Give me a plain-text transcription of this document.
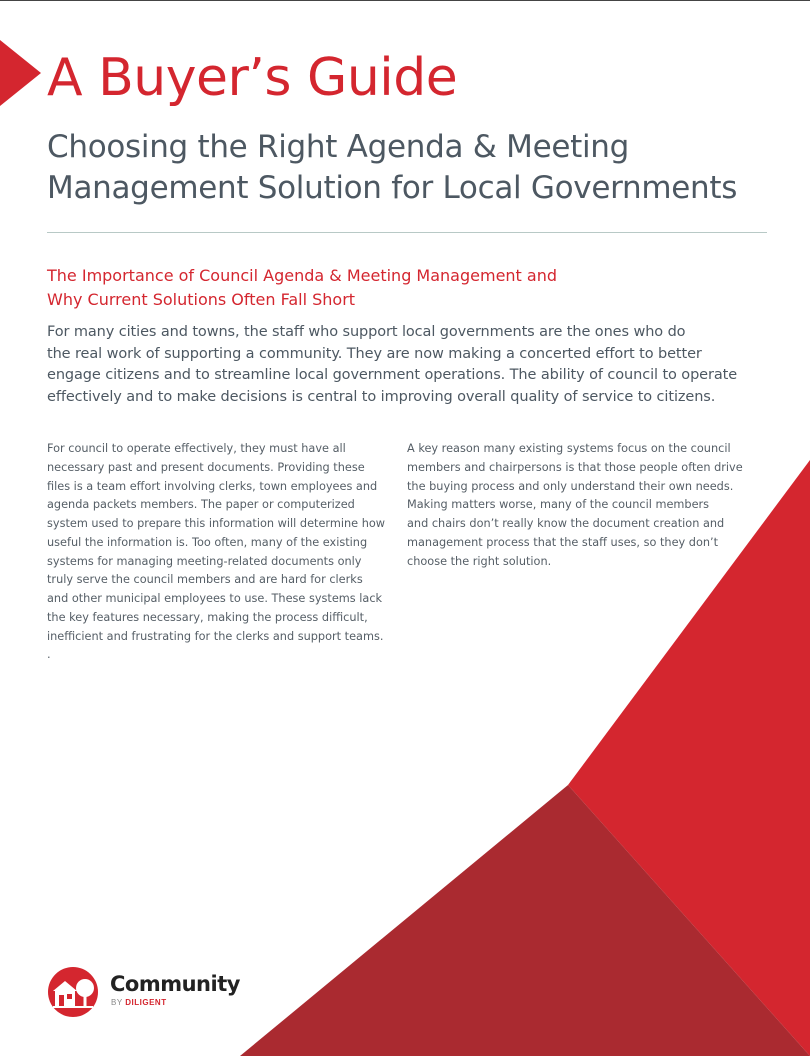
A Buyer’s Guide
Choosing the Right Agenda & Meeting
Management Solution for Local Governments
The Importance of Council Agenda & Meeting Management and
Why Current Solutions Often Fall Short
For many cities and towns, the staff who support local governments are the ones who do
the real work of supporting a community. They are now making a concerted effort to better
engage citizens and to streamline local government operations. The ability of council to operate
effectively and to make decisions is central to improving overall quality of service to citizens.
For council to operate effectively, they must have all
necessary past and present documents. Providing these
files is a team effort involving clerks, town employees and
agenda packets members. The paper or computerized
system used to prepare this information will determine how
useful the information is. Too often, many of the existing
systems for managing meeting-related documents only
truly serve the council members and are hard for clerks
and other municipal employees to use. These systems lack
the key features necessary, making the process difficult,
inefficient and frustrating for the clerks and support teams.
.
A key reason many existing systems focus on the council
members and chairpersons is that those people often drive
the buying process and only understand their own needs.
Making matters worse, many of the council members
and chairs don’t really know the document creation and
management process that the staff uses, so they don’t
choose the right solution.
Community
BY DILIGENT
